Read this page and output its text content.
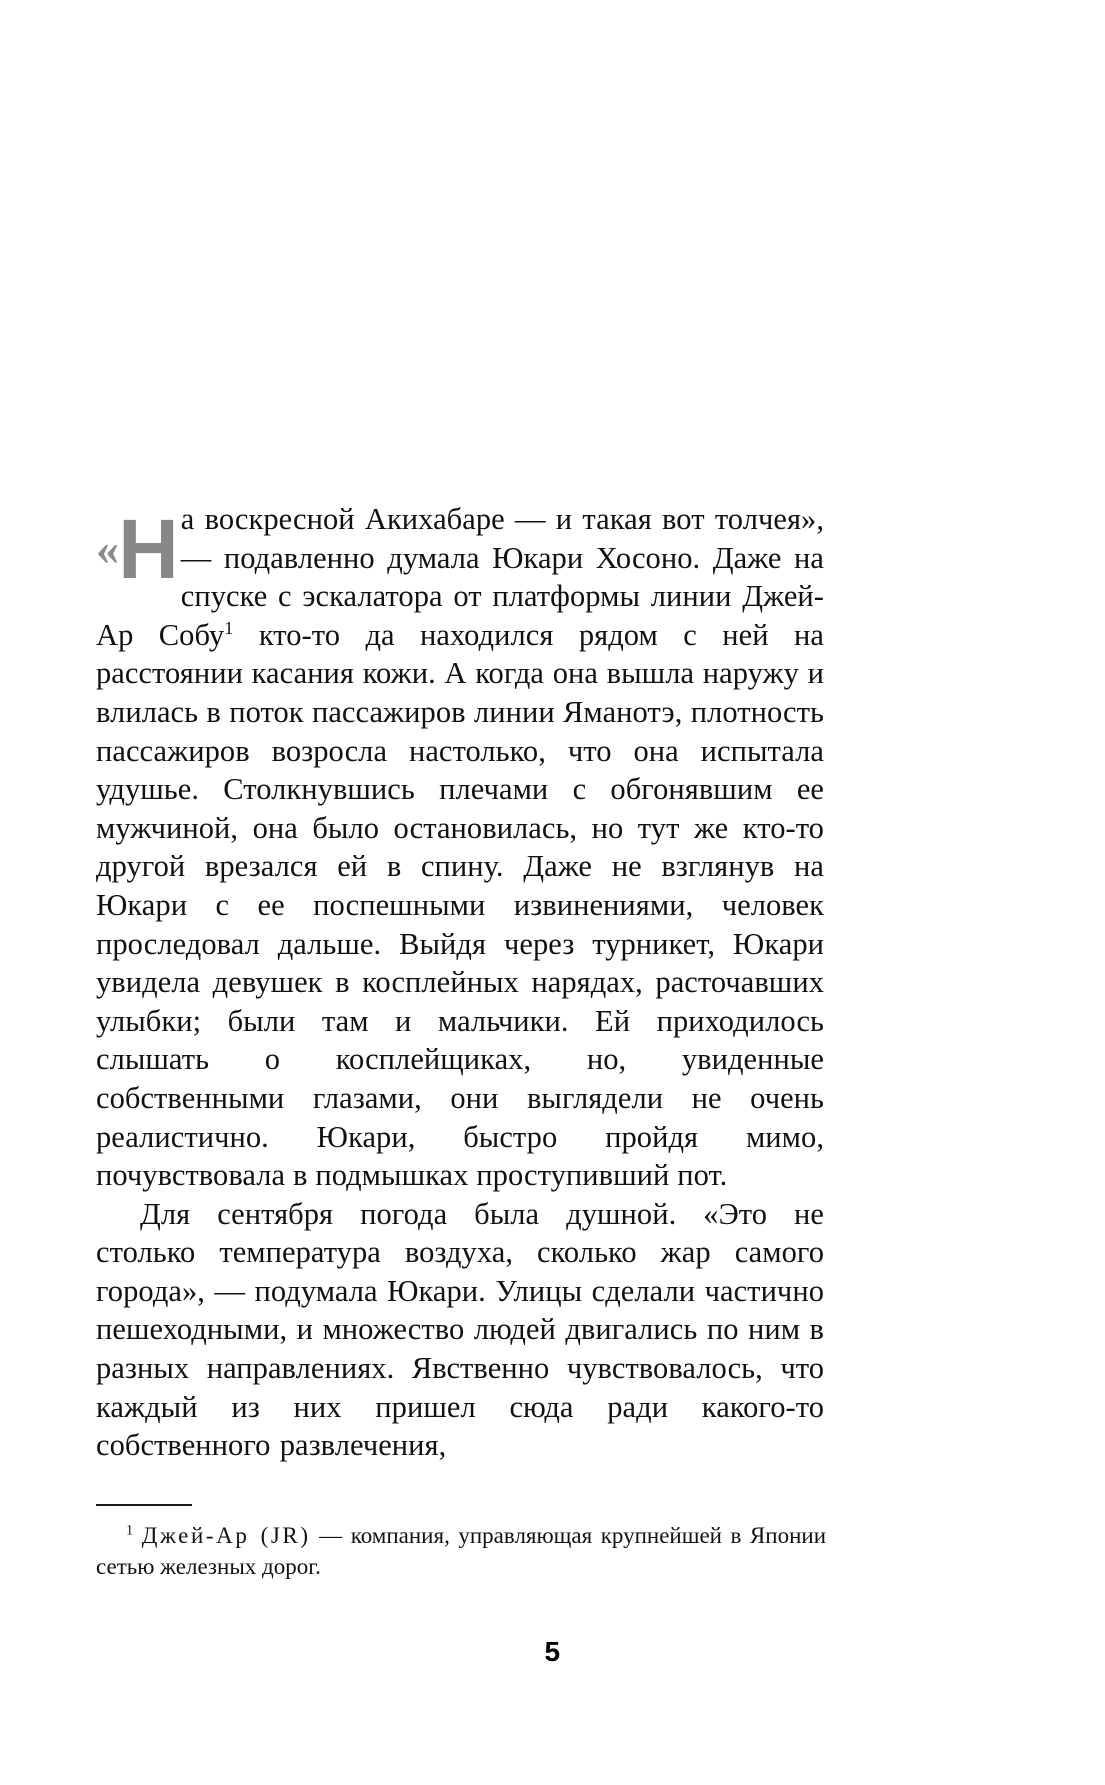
« Н а воскресной Акихабаре — и такая вот толчея», — подавленно думала Юкари Хосоно. Даже на спуске с эскалатора от платформы линии Джей-Ар Собу$^1$ кто-то да находился рядом с ней на расстоянии касания кожи. А когда она вышла наружу и влилась в поток пассажиров линии Яманотэ, плотность пассажиров возросла настолько, что она испытала удушье. Столкнувшись плечами с обгонявшим ее мужчиной, она было остановилась, но тут же кто-то другой врезался ей в спину. Даже не взглянув на Юкари с ее поспешными извинениями, человек проследовал дальше. Выйдя через турникет, Юкари увидела девушек в косплейных нарядах, расточавших улыбки; были там и мальчики. Ей приходилось слышать о косплейщиках, но, увиденные собственными глазами, они выглядели не очень реалистично. Юкари, быстро пройдя мимо, почувствовала в подмышках проступивший пот.

Для сентября погода была душной. «Это не столько температура воздуха, сколько жар самого города», — подумала Юкари. Улицы сделали частично пешеходными, и множество людей двигались по ним в разных направлениях. Явственно чувствовалось, что каждый из них пришел сюда ради какого-то собственного развлечения,

$^1$ Джей-Ар (JR) — компания, управляющая крупнейшей в Японии сетью железных дорог.

5
